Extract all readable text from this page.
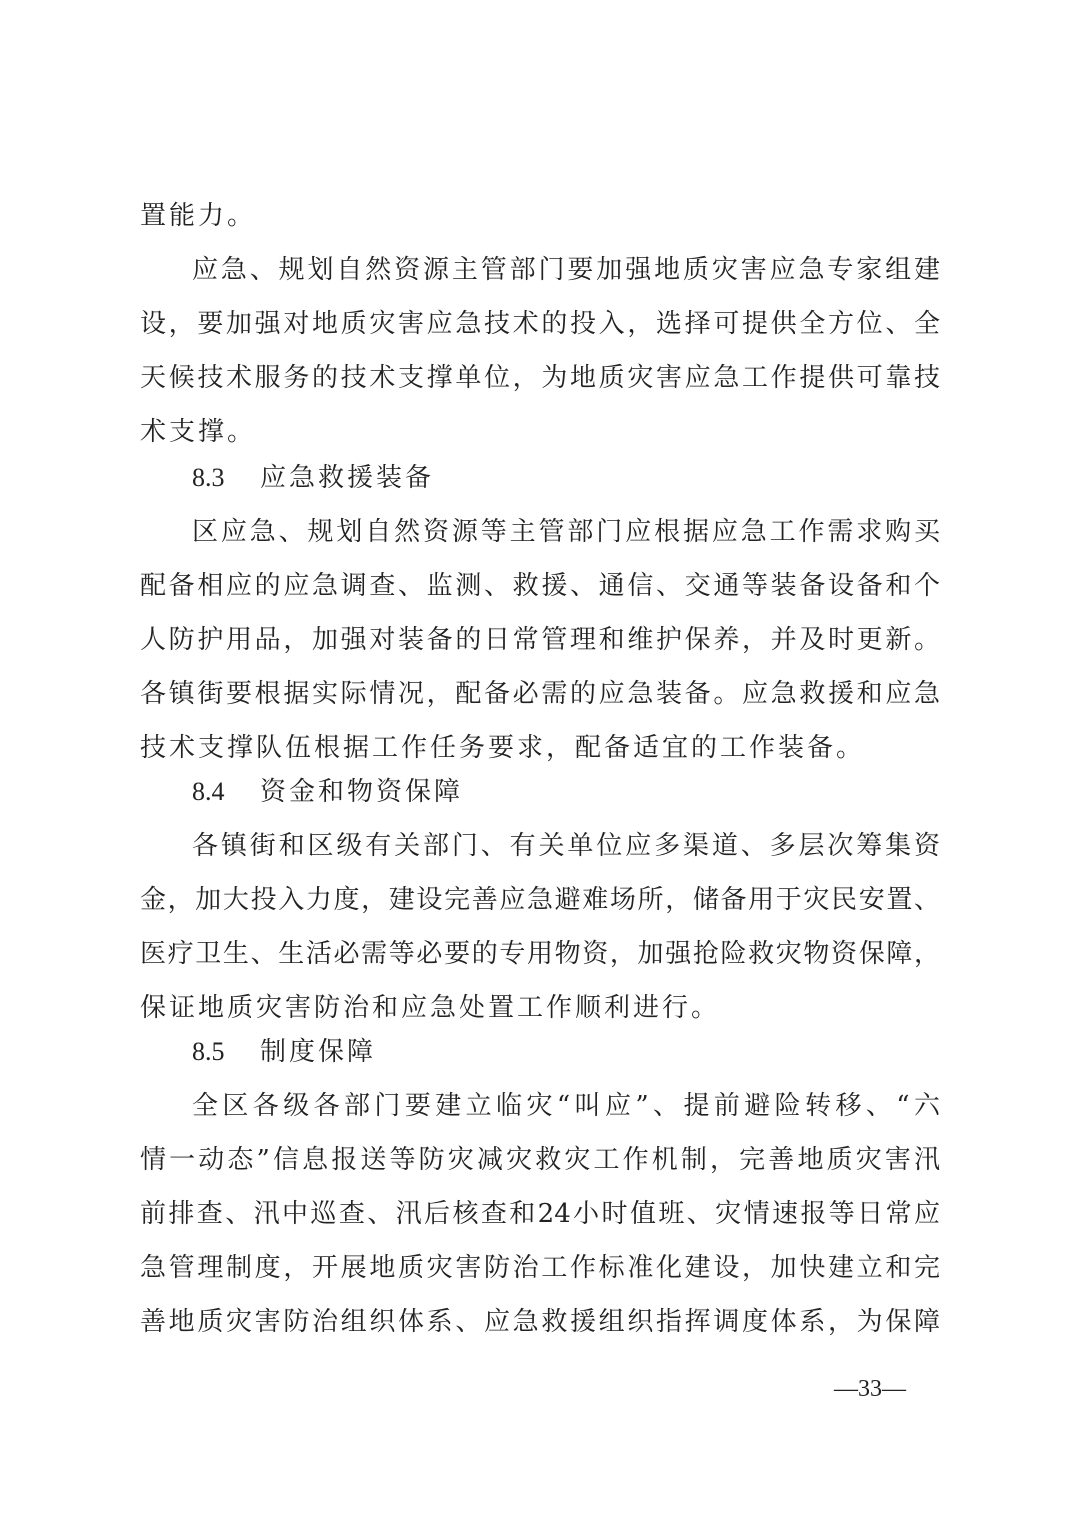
置能力。
应急、规划自然资源主管部门要加强地质灾害应急专家组建
设，要加强对地质灾害应急技术的投入，选择可提供全方位、全
天候技术服务的技术支撑单位，为地质灾害应急工作提供可靠技
术支撑。
8.3 应急救援装备
区应急、规划自然资源等主管部门应根据应急工作需求购买
配备相应的应急调查、监测、救援、通信、交通等装备设备和个
人防护用品，加强对装备的日常管理和维护保养，并及时更新。
各镇街要根据实际情况，配备必需的应急装备。应急救援和应急
技术支撑队伍根据工作任务要求，配备适宜的工作装备。
8.4 资金和物资保障
各镇街和区级有关部门、有关单位应多渠道、多层次筹集资
金，加大投入力度，建设完善应急避难场所，储备用于灾民安置、
医疗卫生、生活必需等必要的专用物资，加强抢险救灾物资保障，
保证地质灾害防治和应急处置工作顺利进行。
8.5 制度保障
全区各级各部门要建立临灾“叫应”、提前避险转移、“六
情一动态”信息报送等防灾减灾救灾工作机制，完善地质灾害汛
前排查、汛中巡查、汛后核查和24小时值班、灾情速报等日常应
急管理制度，开展地质灾害防治工作标准化建设，加快建立和完
善地质灾害防治组织体系、应急救援组织指挥调度体系，为保障
—33—
